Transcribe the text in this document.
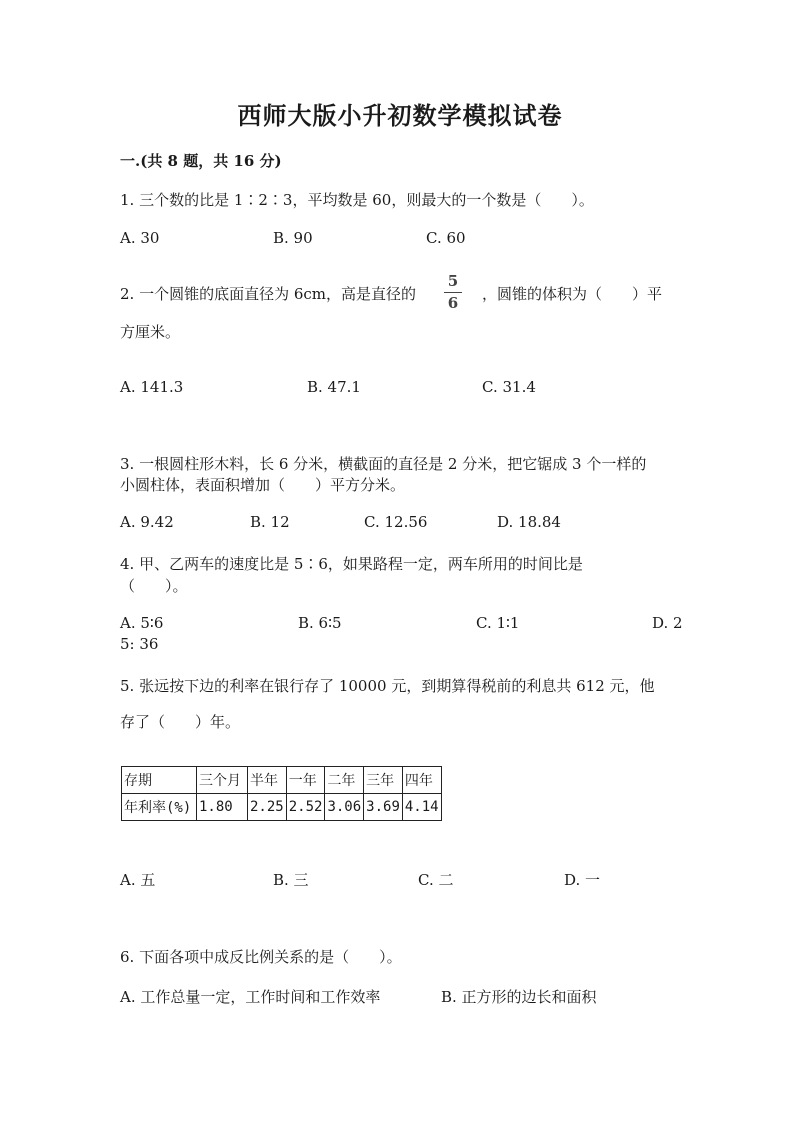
西师大版小升初数学模拟试卷
一.(共 8 题，共 16 分)
1. 三个数的比是 1∶2∶3，平均数是 60，则最大的一个数是（　　）。
A. 30	B. 90	C. 60
2. 一个圆锥的底面直径为 6cm，高是直径的
5
6 ，圆锥的体积为（　　）平
方厘米。
A. 141.3	B. 47.1	C. 31.4
3. 一根圆柱形木料，长 6 分米，横截面的直径是 2 分米，把它锯成 3 个一样的
小圆柱体，表面积增加（　　）平方分米。
A. 9.42	B. 12	C. 12.56	D. 18.84
4. 甲、乙两车的速度比是 5∶6，如果路程一定，两车所用的时间比是
（　　）。
A. 5∶6	B. 6∶5	C. 1∶1	D. 2
5: 36
5. 张远按下边的利率在银行存了 10000 元，到期算得税前的利息共 612 元，他
存了（　　）年。
存期	三个月	半年	一年	二年	三年	四年
年利率(%)	1.80	2.25	2.52	3.06	3.69	4.14
A. 五	B. 三	C. 二	D. 一
6. 下面各项中成反比例关系的是（　　）。
A. 工作总量一定，工作时间和工作效率	B. 正方形的边长和面积
